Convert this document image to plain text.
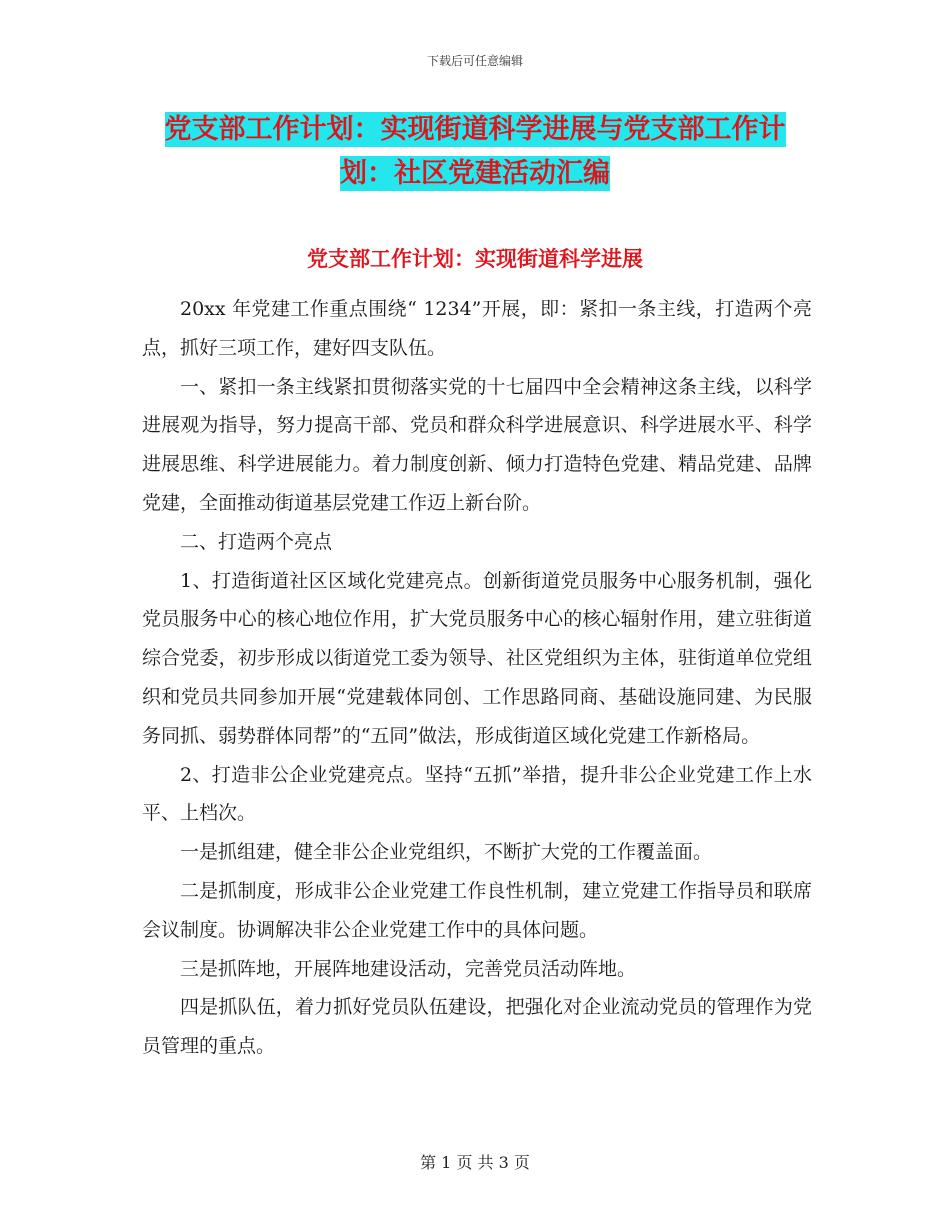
下载后可任意编辑
党支部工作计划：实现街道科学进展与党支部工作计划：社区党建活动汇编
党支部工作计划：实现街道科学进展

20xx 年党建工作重点围绕“ 1234”开展，即：紧扣一条主线，打造两个亮点，抓好三项工作，建好四支队伍。

一、紧扣一条主线紧扣贯彻落实党的十七届四中全会精神这条主线，以科学进展观为指导，努力提高干部、党员和群众科学进展意识、科学进展水平、科学进展思维、科学进展能力。着力制度创新、倾力打造特色党建、精品党建、品牌党建，全面推动街道基层党建工作迈上新台阶。

二、打造两个亮点

1、打造街道社区区域化党建亮点。创新街道党员服务中心服务机制，强化党员服务中心的核心地位作用，扩大党员服务中心的核心辐射作用，建立驻街道综合党委，初步形成以街道党工委为领导、社区党组织为主体，驻街道单位党组织和党员共同参加开展“党建载体同创、工作思路同商、基础设施同建、为民服务同抓、弱势群体同帮”的“五同”做法，形成街道区域化党建工作新格局。

2、打造非公企业党建亮点。坚持“五抓”举措，提升非公企业党建工作上水平、上档次。

一是抓组建，健全非公企业党组织，不断扩大党的工作覆盖面。

二是抓制度，形成非公企业党建工作良性机制，建立党建工作指导员和联席会议制度。协调解决非公企业党建工作中的具体问题。

三是抓阵地，开展阵地建设活动，完善党员活动阵地。

四是抓队伍，着力抓好党员队伍建设，把强化对企业流动党员的管理作为党员管理的重点。

第 1 页 共 3 页
